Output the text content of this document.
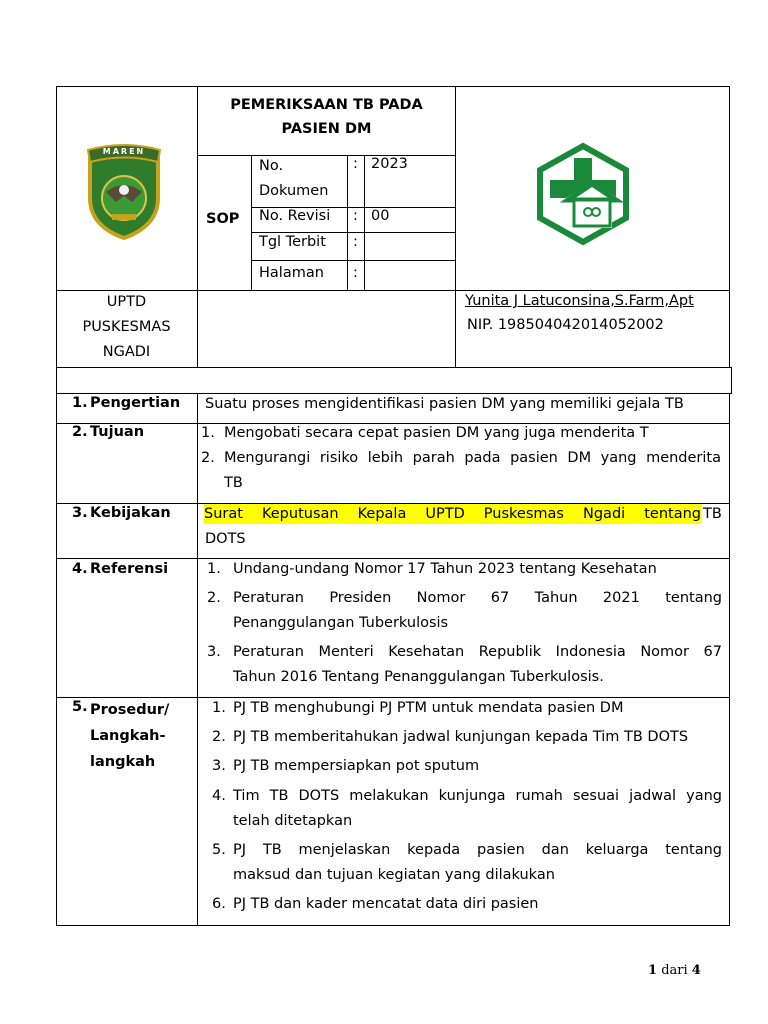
MAREN
PEMERIKSAAN TB PADA
PASIEN DM
SOP
No.
Dokumen
: 2023
No. Revisi : 00
Tgl Terbit :
Halaman :
UPTD
PUSKESMAS
NGADI
Yunita J Latuconsina,S.Farm,Apt
NIP. 198504042014052002
1. Pengertian Suatu proses mengidentifikasi pasien DM yang memiliki gejala TB
2. Tujuan	1. Mengobati secara cepat pasien DM yang juga menderita T
2. Mengurangi risiko lebih parah pada pasien DM yang menderita
TB
3. Kebijakan Surat Keputusan Kepala UPTD Puskesmas Ngadi tentang TB
DOTS
4. Referensi	1. Undang-undang Nomor 17 Tahun 2023 tentang Kesehatan
2. Peraturan Presiden Nomor 67 Tahun 2021 tentang
Penanggulangan Tuberkulosis
3. Peraturan Menteri Kesehatan Republik Indonesia Nomor 67
Tahun 2016 Tentang Penanggulangan Tuberkulosis.
5. Prosedur/
Langkah-
langkah
1. PJ TB menghubungi PJ PTM untuk mendata pasien DM
2. PJ TB memberitahukan jadwal kunjungan kepada Tim TB DOTS
3. PJ TB mempersiapkan pot sputum
4. Tim TB DOTS melakukan kunjunga rumah sesuai jadwal yang
telah ditetapkan
5. PJ TB menjelaskan kepada pasien dan keluarga tentang
maksud dan tujuan kegiatan yang dilakukan
6. PJ TB dan kader mencatat data diri pasien
1 dari 4
